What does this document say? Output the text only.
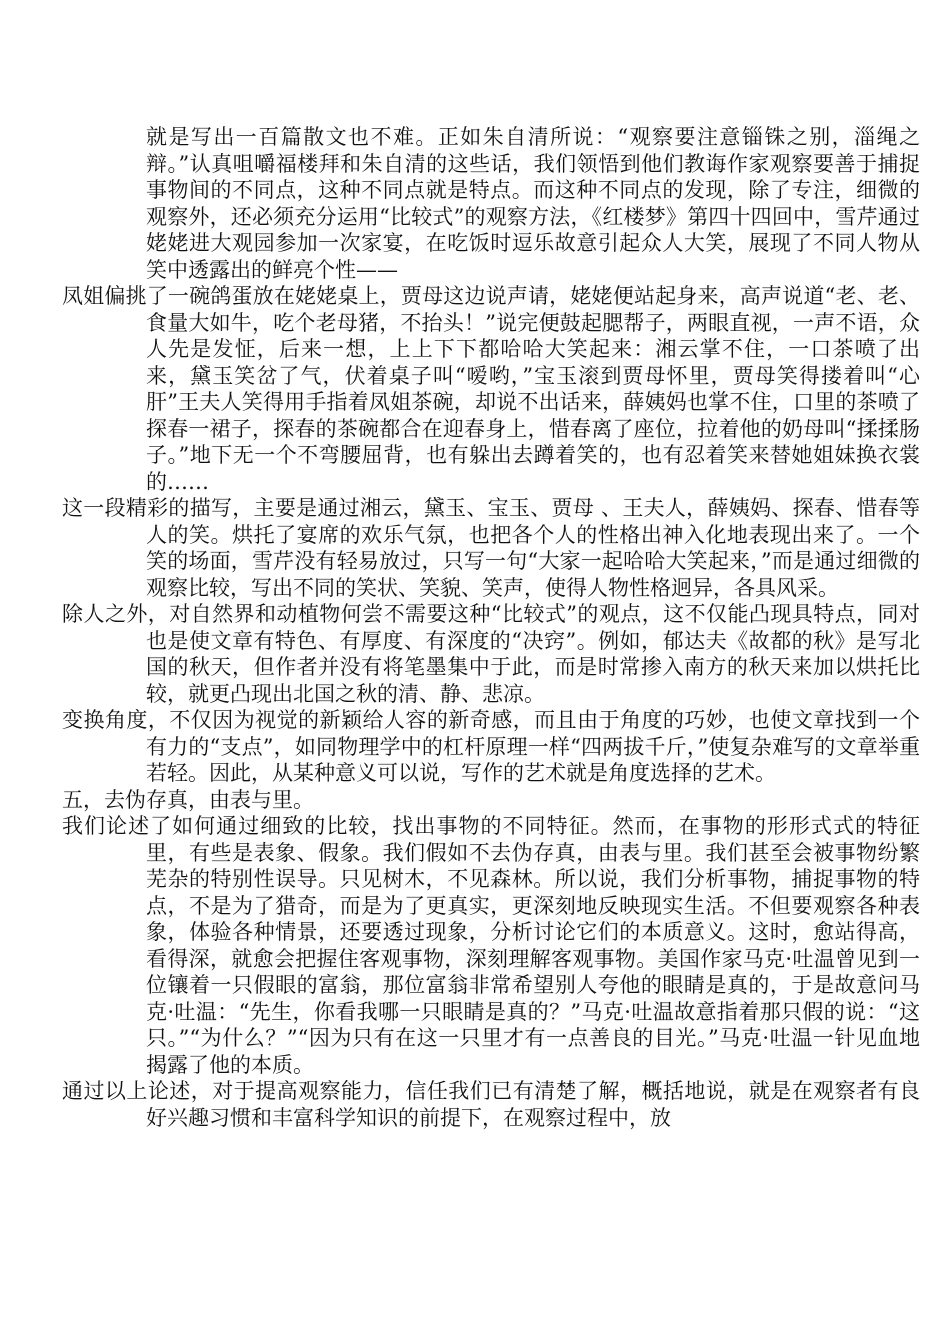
就是写出一百篇散文也不难。正如朱自清所说：“观察要注意锱铢之别，淄绳之辩。”认真咀嚼福楼拜和朱自清的这些话，我们领悟到他们教诲作家观察要善于捕捉事物间的不同点，这种不同点就是特点。而这种不同点的发现，除了专注，细微的观察外，还必须充分运用“比较式”的观察方法，《红楼梦》第四十四回中，雪芹通过姥姥进大观园参加一次家宴，在吃饭时逗乐故意引起众人大笑，展现了不同人物从笑中透露出的鲜亮个性——

凤姐偏挑了一碗鸽蛋放在姥姥桌上，贾母这边说声请，姥姥便站起身来，高声说道“老、老、食量大如牛，吃个老母猪，不抬头！”说完便鼓起腮帮子，两眼直视，一声不语，众人先是发怔，后来一想，上上下下都哈哈大笑起来：湘云掌不住，一口茶喷了出来，黛玉笑岔了气，伏着桌子叫“嗳哟，”宝玉滚到贾母怀里，贾母笑得搂着叫“心肝”王夫人笑得用手指着凤姐茶碗，却说不出话来，薛姨妈也掌不住，口里的茶喷了探春一裙子，探春的茶碗都合在迎春身上，惜春离了座位，拉着他的奶母叫“揉揉肠子。”地下无一个不弯腰屈背，也有躲出去蹲着笑的，也有忍着笑来替她姐妹换衣裳的……

这一段精彩的描写，主要是通过湘云，黛玉、宝玉、贾母 、王夫人，薛姨妈、探春、惜春等人的笑。烘托了宴席的欢乐气氛，也把各个人的性格出神入化地表现出来了。一个笑的场面，雪芹没有轻易放过，只写一句“大家一起哈哈大笑起来，”而是通过细微的观察比较，写出不同的笑状、笑貌、笑声，使得人物性格迥异，各具风采。

除人之外，对自然界和动植物何尝不需要这种“比较式”的观点，这不仅能凸现具特点，同对也是使文章有特色、有厚度、有深度的“决窍”。例如，郁达夫《故都的秋》是写北国的秋天，但作者并没有将笔墨集中于此，而是时常掺入南方的秋天来加以烘托比较，就更凸现出北国之秋的清、静、悲凉。

变换角度，不仅因为视觉的新颖给人容的新奇感，而且由于角度的巧妙，也使文章找到一个有力的“支点”，如同物理学中的杠杆原理一样“四两拔千斤，”使复杂难写的文章举重若轻。因此，从某种意义可以说，写作的艺术就是角度选择的艺术。

五，去伪存真，由表与里。

我们论述了如何通过细致的比较，找出事物的不同特征。然而，在事物的形形式式的特征里，有些是表象、假象。我们假如不去伪存真，由表与里。我们甚至会被事物纷繁芜杂的特别性误导。只见树木，不见森林。所以说，我们分析事物，捕捉事物的特点，不是为了猎奇，而是为了更真实，更深刻地反映现实生活。不但要观察各种表象，体验各种情景，还要透过现象，分析讨论它们的本质意义。这时，愈站得高，看得深，就愈会把握住客观事物，深刻理解客观事物。美国作家马克·吐温曾见到一位镶着一只假眼的富翁，那位富翁非常希望别人夸他的眼睛是真的，于是故意问马克·吐温：“先生，你看我哪一只眼睛是真的？”马克·吐温故意指着那只假的说：“这只。”“为什么？”“因为只有在这一只里才有一点善良的目光。”马克·吐温一针见血地揭露了他的本质。

通过以上论述，对于提高观察能力，信任我们已有清楚了解，概括地说，就是在观察者有良好兴趣习惯和丰富科学知识的前提下，在观察过程中，放
